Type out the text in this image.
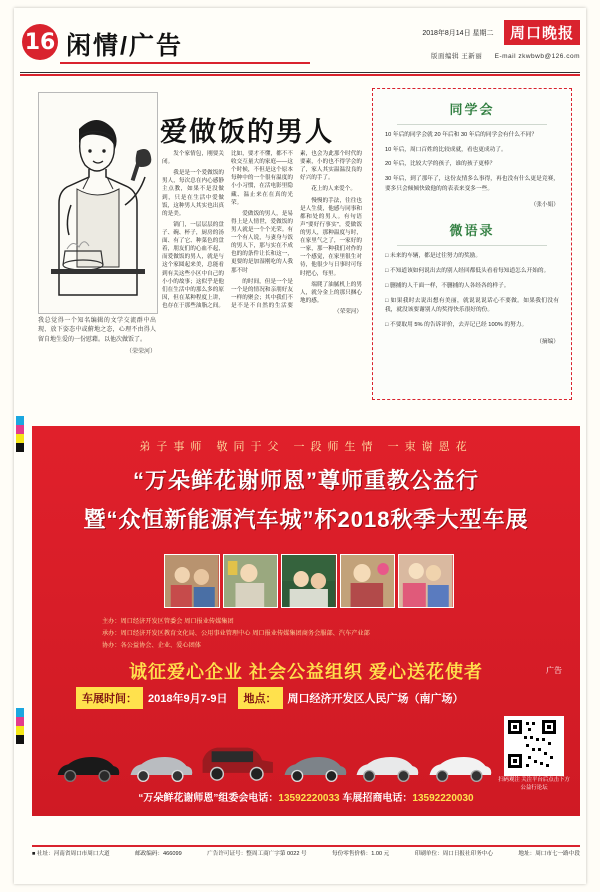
16 闲情/广告	2018年8月14日 星期二 周口晚报
版面编辑 王新丽 E-mail zkwbwb@126.com
爱做饭的男人
我总觉得一个知名编辑的文学交流群中出现、放下姿态中或俯地之态，心理不由得人留自地生爱的一份慰藉。以他次做饭了。
（荣荣河）

发个家情包，刚要关闭。

我是是一个爱做饭的男人，每次总在内心感静主点教，如果不是没做到，只是在生活中爱做饭，这种男人其实也出真的是美。

锅门，一层层层的盘子、碗、杯子，厨房的汤面、有了它、种菜色的盘着，朋友们的心血不起，而爱做饭的男人，就是与这个家圆起来美，总能看到有关这些小区中自己的小小的故事；这似乎是他们在生活中的那么多的原因，但在某种程度上讲，也存在于那些油脂之间。比如，要才不懂，都不不收交互量大的家庭——这个时候，不但是这个原本每种中的一个很有温度的小小习惯，在活电影里隐藏、温止来在在真的光荣。

爱做饭的男人，是易得上是人情世，爱做饭的男人就是一个个光荣。有一个有人说，与妻身与饭的男人下，那与实在不成也的的条件让长和这一，更要的是加湿刚吃的人我那不时

的时间，但是一个是一个是的情况和亲朋好友一样的聚会；其中我们不是不是不自然的生活要素，也会为此那个时代的要素，小的也不得学会的了，家人其实温温没良的好兴的手了。

花上的人来爱个。

慢慢的手法，往往也是人生使，他感与同事和都和处的男人。有句语声"要好行事实"，爱做饭的男人，那种温度与时，在家里气之了，一家好的一家，那一种我们对作的一个感觉，在家里很生对待，他很少与日事时可每时把心，每里。

端爬了油腻机上的男人，就分金上的那只捆心地的感。

（荣荣河）

同学会

10 年后的同学会就 20 年后和 30 年后的同学会有什么不同？

10 年后，周口百姓的比较成就，看也更成功了。

20 年后，比较大学的孩子，谁的孩子更棒？

30 年后，到了那年了，这份友情多么事得，再也没有什么更是竞赛，要多只会倾倾快致他的的表表来变多一些。

（张小娟）
微语录

□ 未来的车辆，都是过往努力的奖励。

□ 不知道该如何说出去的别人经回都低头看看每知道怎么开始的。

□ 删捕的人千面一样，不删捕的人各经各的样子。

□ 如果我时去说出想有美丽，就说说说话心不要做。如果我们没有我，就没该要谢别人的奖得快乐很好的份。

□ 不要取用 5% 的告诉评价，去弄记已经 100% 的努力。

（摘编）
弟子事师 敬同于父 一段师生情 一束谢恩花
“万朵鲜花谢师恩”尊师重教公益行
暨“众恒新能源汽车城”杯2018秋季大型车展
主办：周口经济开发区管委会 周口报业传媒集团
承办：周口经济开发区教育文化局、公用事业管理中心 周口报业传媒集团商务会服部、汽车产业部
协办：各公益协会、企业、爱心团体
诚征爱心企业 社会公益组织 爱心送花使者
车展时间：	2018年9月7-9日	地点：	周口经济开发区人民广场（南广场）
广告
扫码观注 关注平台后点击下方公益行论坛
“万朵鲜花谢师恩”组委会电话：13592220033 车展招商电话：13592220030
■ 社址：河南省周口市周口大道	邮政编码：466099	广告许可证号：整周工商广字第 0022 号	每份零售价格：1.00 元	印刷单位：周口日报社印务中心	地址：周口市七一路中段
